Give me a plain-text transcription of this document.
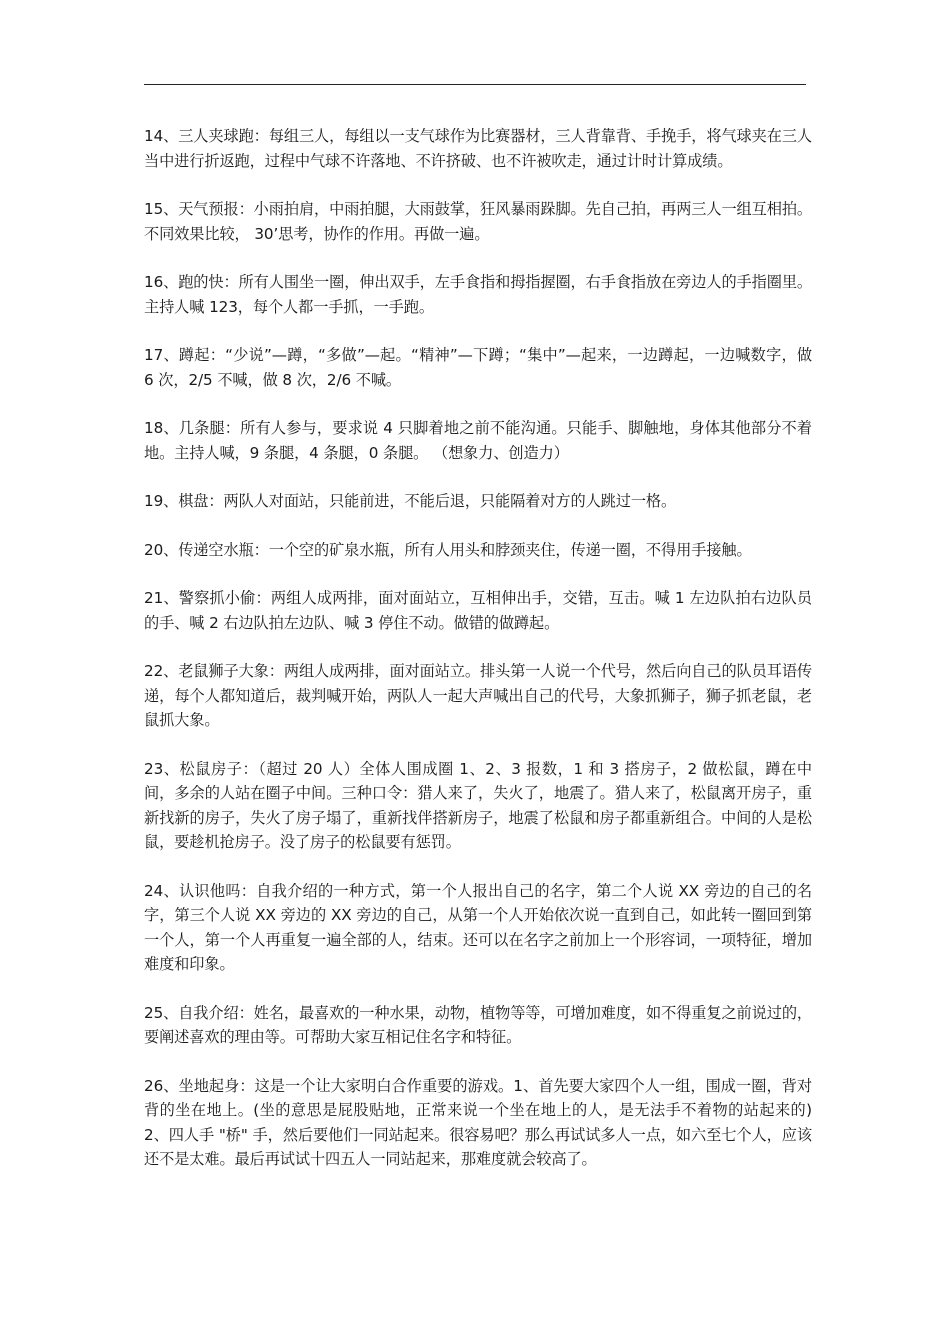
14、三人夹球跑：每组三人，每组以一支气球作为比赛器材，三人背靠背、手挽手，将气球夹在三人当中进行折返跑，过程中气球不许落地、不许挤破、也不许被吹走，通过计时计算成绩。

15、天气预报：小雨拍肩，中雨拍腿，大雨鼓掌，狂风暴雨跺脚。先自己拍，再两三人一组互相拍。不同效果比较， 30’思考，协作的作用。再做一遍。

16、跑的快：所有人围坐一圈，伸出双手，左手食指和拇指握圈，右手食指放在旁边人的手指圈里。主持人喊 123，每个人都一手抓，一手跑。

17、蹲起：“少说”—蹲，“多做”—起。“精神”—下蹲；“集中”—起来，一边蹲起，一边喊数字，做 6 次，2/5 不喊，做 8 次，2/6 不喊。

18、几条腿：所有人参与，要求说 4 只脚着地之前不能沟通。只能手、脚触地，身体其他部分不着地。主持人喊，9 条腿，4 条腿，0 条腿。 （想象力、创造力）

19、棋盘：两队人对面站，只能前进，不能后退，只能隔着对方的人跳过一格。

20、传递空水瓶：一个空的矿泉水瓶，所有人用头和脖颈夹住，传递一圈，不得用手接触。

21、警察抓小偷：两组人成两排，面对面站立，互相伸出手，交错，互击。喊 1 左边队拍右边队员的手、喊 2 右边队拍左边队、喊 3 停住不动。做错的做蹲起。

22、老鼠狮子大象：两组人成两排，面对面站立。排头第一人说一个代号，然后向自己的队员耳语传递，每个人都知道后，裁判喊开始，两队人一起大声喊出自己的代号，大象抓狮子，狮子抓老鼠，老鼠抓大象。

23、松鼠房子：（超过 20 人）全体人围成圈 1、2、3 报数，1 和 3 搭房子，2 做松鼠，蹲在中间，多余的人站在圈子中间。三种口令：猎人来了，失火了，地震了。猎人来了，松鼠离开房子，重新找新的房子，失火了房子塌了，重新找伴搭新房子，地震了松鼠和房子都重新组合。中间的人是松鼠，要趁机抢房子。没了房子的松鼠要有惩罚。

24、认识他吗：自我介绍的一种方式，第一个人报出自己的名字，第二个人说 XX 旁边的自己的名字，第三个人说 XX 旁边的 XX 旁边的自己，从第一个人开始依次说一直到自己，如此转一圈回到第一个人，第一个人再重复一遍全部的人，结束。还可以在名字之前加上一个形容词，一项特征，增加难度和印象。

25、自我介绍：姓名，最喜欢的一种水果，动物，植物等等，可增加难度，如不得重复之前说过的，要阐述喜欢的理由等。可帮助大家互相记住名字和特征。

26、坐地起身：这是一个让大家明白合作重要的游戏。1、首先要大家四个人一组，围成一圈，背对背的坐在地上。(坐的意思是屁股贴地，正常来说一个坐在地上的人，是无法手不着物的站起来的) 2、四人手 "桥" 手，然后要他们一同站起来。很容易吧？那么再试试多人一点，如六至七个人，应该还不是太难。最后再试试十四五人一同站起来，那难度就会较高了。
